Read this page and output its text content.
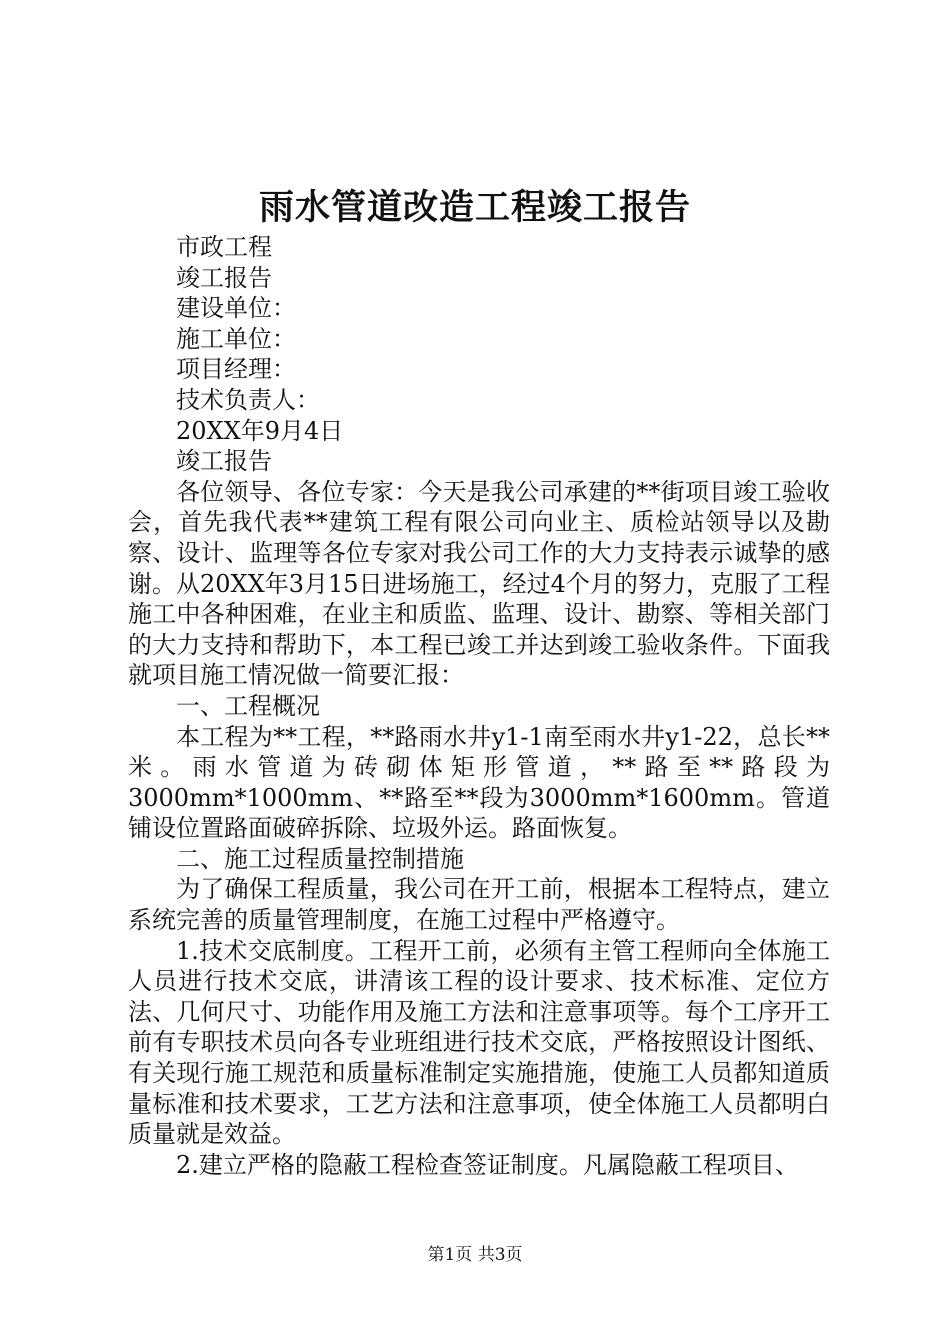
雨水管道改造工程竣工报告

市政工程

竣工报告

建设单位：

施工单位：

项目经理：

技术负责人：

20XX年9月4日

竣工报告

各位领导、各位专家：今天是我公司承建的**街项目竣工验收会，首先我代表**建筑工程有限公司向业主、质检站领导以及勘察、设计、监理等各位专家对我公司工作的大力支持表示诚挚的感谢。从20XX年3月15日进场施工，经过4个月的努力，克服了工程施工中各种困难，在业主和质监、监理、设计、勘察、等相关部门的大力支持和帮助下，本工程已竣工并达到竣工验收条件。下面我就项目施工情况做一简要汇报：

一、工程概况

本工程为**工程，**路雨水井y1-1南至雨水井y1-22，总长**米。雨水管道为砖砌体矩形管道，**路至**路段为3000mm*1000mm、**路至**段为3000mm*1600mm。管道铺设位置路面破碎拆除、垃圾外运。路面恢复。

二、施工过程质量控制措施

为了确保工程质量，我公司在开工前，根据本工程特点，建立系统完善的质量管理制度，在施工过程中严格遵守。

1.技术交底制度。工程开工前，必须有主管工程师向全体施工人员进行技术交底，讲清该工程的设计要求、技术标准、定位方法、几何尺寸、功能作用及施工方法和注意事项等。每个工序开工前有专职技术员向各专业班组进行技术交底，严格按照设计图纸、有关现行施工规范和质量标准制定实施措施，使施工人员都知道质量标准和技术要求，工艺方法和注意事项，使全体施工人员都明白质量就是效益。

2.建立严格的隐蔽工程检查签证制度。凡属隐蔽工程项目、

第1页 共3页
